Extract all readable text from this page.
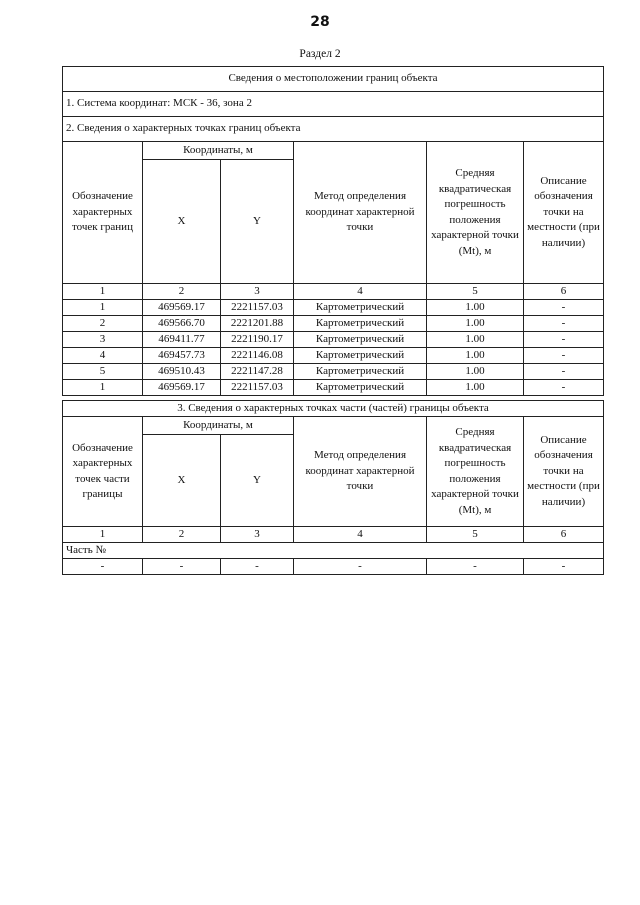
28
Раздел 2
Сведения о местоположении границ объекта					
1. Система координат: МСК - 36, зона 2					
2. Сведения о характерных точках границ объекта					
Обозначение характерных точек границ	Координаты, м		Метод определения координат характерной точки	Средняя квадратическая погрешность положения характерной точки (Mt), м	Описание обозначения точки на местности (при наличии)
	X	Y			
1	2	3	4	5	6
1	469569.17	2221157.03	Картометрический	1.00	-
2	469566.70	2221201.88	Картометрический	1.00	-
3	469411.77	2221190.17	Картометрический	1.00	-
4	469457.73	2221146.08	Картометрический	1.00	-
5	469510.43	2221147.28	Картометрический	1.00	-
1	469569.17	2221157.03	Картометрический	1.00	-
3. Сведения о характерных точках части (частей) границы объекта					
Обозначение характерных точек части границы	Координаты, м		Метод определения координат характерной точки	Средняя квадратическая погрешность положения характерной точки (Mt), м	Описание обозначения точки на местности (при наличии)
	X	Y			
1	2	3	4	5	6
Часть №					
-	-	-	-	-	-
